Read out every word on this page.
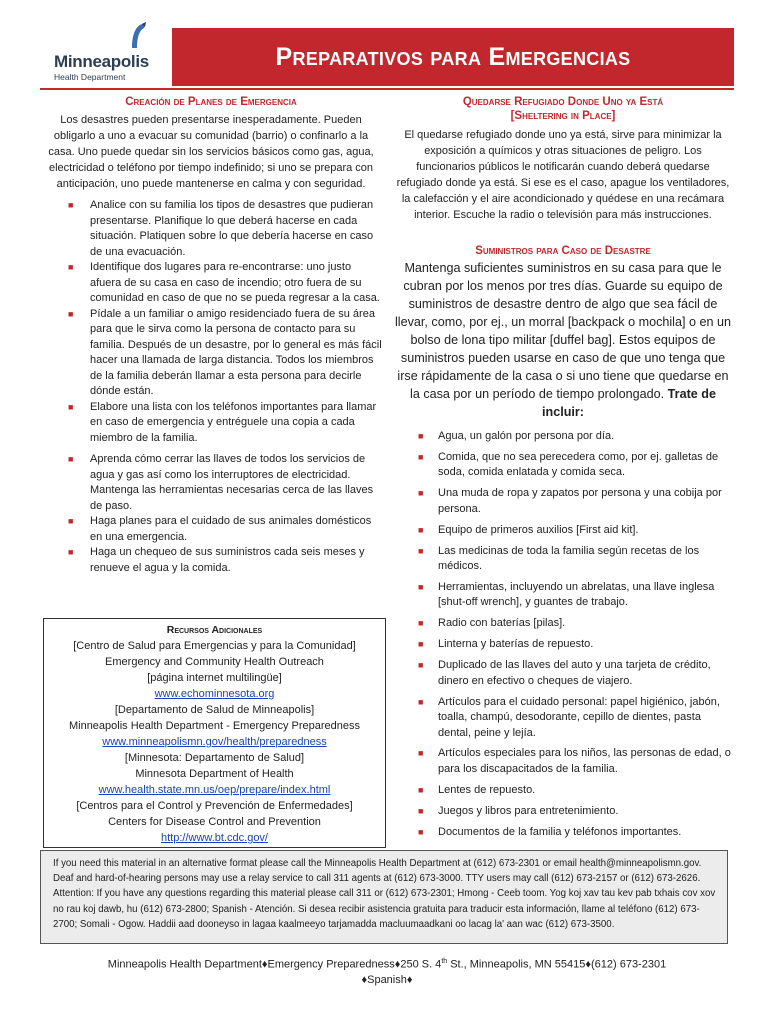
Minneapolis
Health Department
Preparativos para Emergencias
Creación de Planes de Emergencia

Los desastres pueden presentarse inesperadamente. Pueden obligarlo a uno a evacuar su comunidad (barrio) o confinarlo a la casa. Uno puede quedar sin los servicios básicos como gas, agua, electricidad o teléfono por tiempo indefinido; si uno se prepara con anticipación, uno puede mantenerse en calma y con seguridad.

■ Analice con su familia los tipos de desastres que pudieran presentarse. Planifique lo que deberá hacerse en cada situación. Platiquen sobre lo que debería hacerse en caso de una evacuación.
■ Identifique dos lugares para re-encontrarse: uno justo afuera de su casa en caso de incendio; otro fuera de su comunidad en caso de que no se pueda regresar a la casa.
■ Pídale a un familiar o amigo residenciado fuera de su área para que le sirva como la persona de contacto para su familia. Después de un desastre, por lo general es más fácil hacer una llamada de larga distancia. Todos los miembros de la familia deberán llamar a esta persona para decirle dónde están.
■ Elabore una lista con los teléfonos importantes para llamar en caso de emergencia y entréguele una copia a cada miembro de la familia.
■ Aprenda cómo cerrar las llaves de todos los servicios de agua y gas así como los interruptores de electricidad. Mantenga las herramientas necesarias cerca de las llaves de paso.
■ Haga planes para el cuidado de sus animales domésticos en una emergencia.
■ Haga un chequeo de sus suministros cada seis meses y renueve el agua y la comida.
Recursos Adicionales
[Centro de Salud para Emergencias y para la Comunidad]
Emergency and Community Health Outreach
[página internet multilingüe]
www.echominnesota.org
[Departamento de Salud de Minneapolis]
Minneapolis Health Department - Emergency Preparedness
www.minneapolismn.gov/health/preparedness
[Minnesota: Departamento de Salud]
Minnesota Department of Health
www.health.state.mn.us/oep/prepare/index.html
[Centros para el Control y Prevención de Enfermedades]
Centers for Disease Control and Prevention
http://www.bt.cdc.gov/
Quedarse Refugiado Donde Uno ya Está
[Sheltering in Place]

El quedarse refugiado donde uno ya está, sirve para minimizar la exposición a químicos y otras situaciones de peligro. Los funcionarios públicos le notificarán cuando deberá quedarse refugiado donde ya está. Si ese es el caso, apague los ventiladores, la calefacción y el aire acondicionado y quédese en una recámara interior. Escuche la radio o televisión para más instrucciones.

Suministros para Caso de Desastre

Mantenga suficientes suministros en su casa para que le cubran por los menos por tres días. Guarde su equipo de suministros de desastre dentro de algo que sea fácil de llevar, como, por ej., un morral [backpack o mochila] o en un bolso de lona tipo militar [duffel bag]. Estos equipos de suministros pueden usarse en caso de que uno tenga que irse rápidamente de la casa o si uno tiene que quedarse en la casa por un período de tiempo prolongado. Trate de incluir:

■ Agua, un galón por persona por día.
■ Comida, que no sea perecedera como, por ej. galletas de soda, comida enlatada y comida seca.
■ Una muda de ropa y zapatos por persona y una cobija por persona.
■ Equipo de primeros auxilios [First aid kit].
■ Las medicinas de toda la familia según recetas de los médicos.
■ Herramientas, incluyendo un abrelatas, una llave inglesa [shut-off wrench], y guantes de trabajo.
■ Radio con baterías [pilas].
■ Linterna y baterías de repuesto.
■ Duplicado de las llaves del auto y una tarjeta de crédito, dinero en efectivo o cheques de viajero.
■ Artículos para el cuidado personal: papel higiénico, jabón, toalla, champú, desodorante, cepillo de dientes, pasta dental, peine y lejía.
■ Artículos especiales para los niños, las personas de edad, o para los discapacitados de la familia.
■ Lentes de repuesto.
■ Juegos y libros para entretenimiento.
■ Documentos de la familia y teléfonos importantes.
If you need this material in an alternative format please call the Minneapolis Health Department at (612) 673-2301 or email health@minneapolismn.gov. Deaf and hard-of-hearing persons may use a relay service to call 311 agents at (612) 673-3000. TTY users may call (612) 673-2157 or (612) 673-2626. Attention: If you have any questions regarding this material please call 311 or (612) 673-2301; Hmong - Ceeb toom. Yog koj xav tau kev pab txhais cov xov no rau koj dawb, hu (612) 673-2800; Spanish - Atención. Si desea recibir asistencia gratuita para traducir esta información, llame al teléfono (612) 673-2700; Somali - Ogow. Haddii aad dooneyso in lagaa kaalmeeyo tarjamadda macluumaadkani oo lacag la' aan wac (612) 673-3500.
Minneapolis Health Department♦Emergency Preparedness♦250 S. 4th St., Minneapolis, MN 55415♦(612) 673-2301
♦Spanish♦
